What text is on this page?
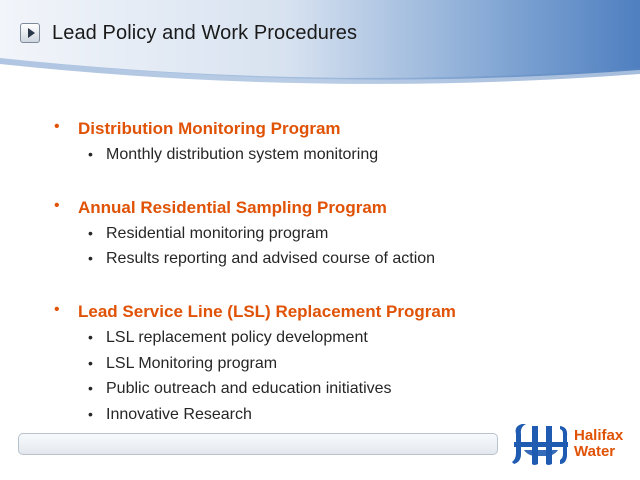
Lead Policy and Work Procedures
• Distribution Monitoring Program
• Monthly distribution system monitoring
• Annual Residential Sampling Program
• Residential monitoring program
• Results reporting and advised course of action
• Lead Service Line (LSL) Replacement Program
• LSL replacement policy development
• LSL Monitoring program
• Public outreach and education initiatives
• Innovative Research
Halifax
Water
